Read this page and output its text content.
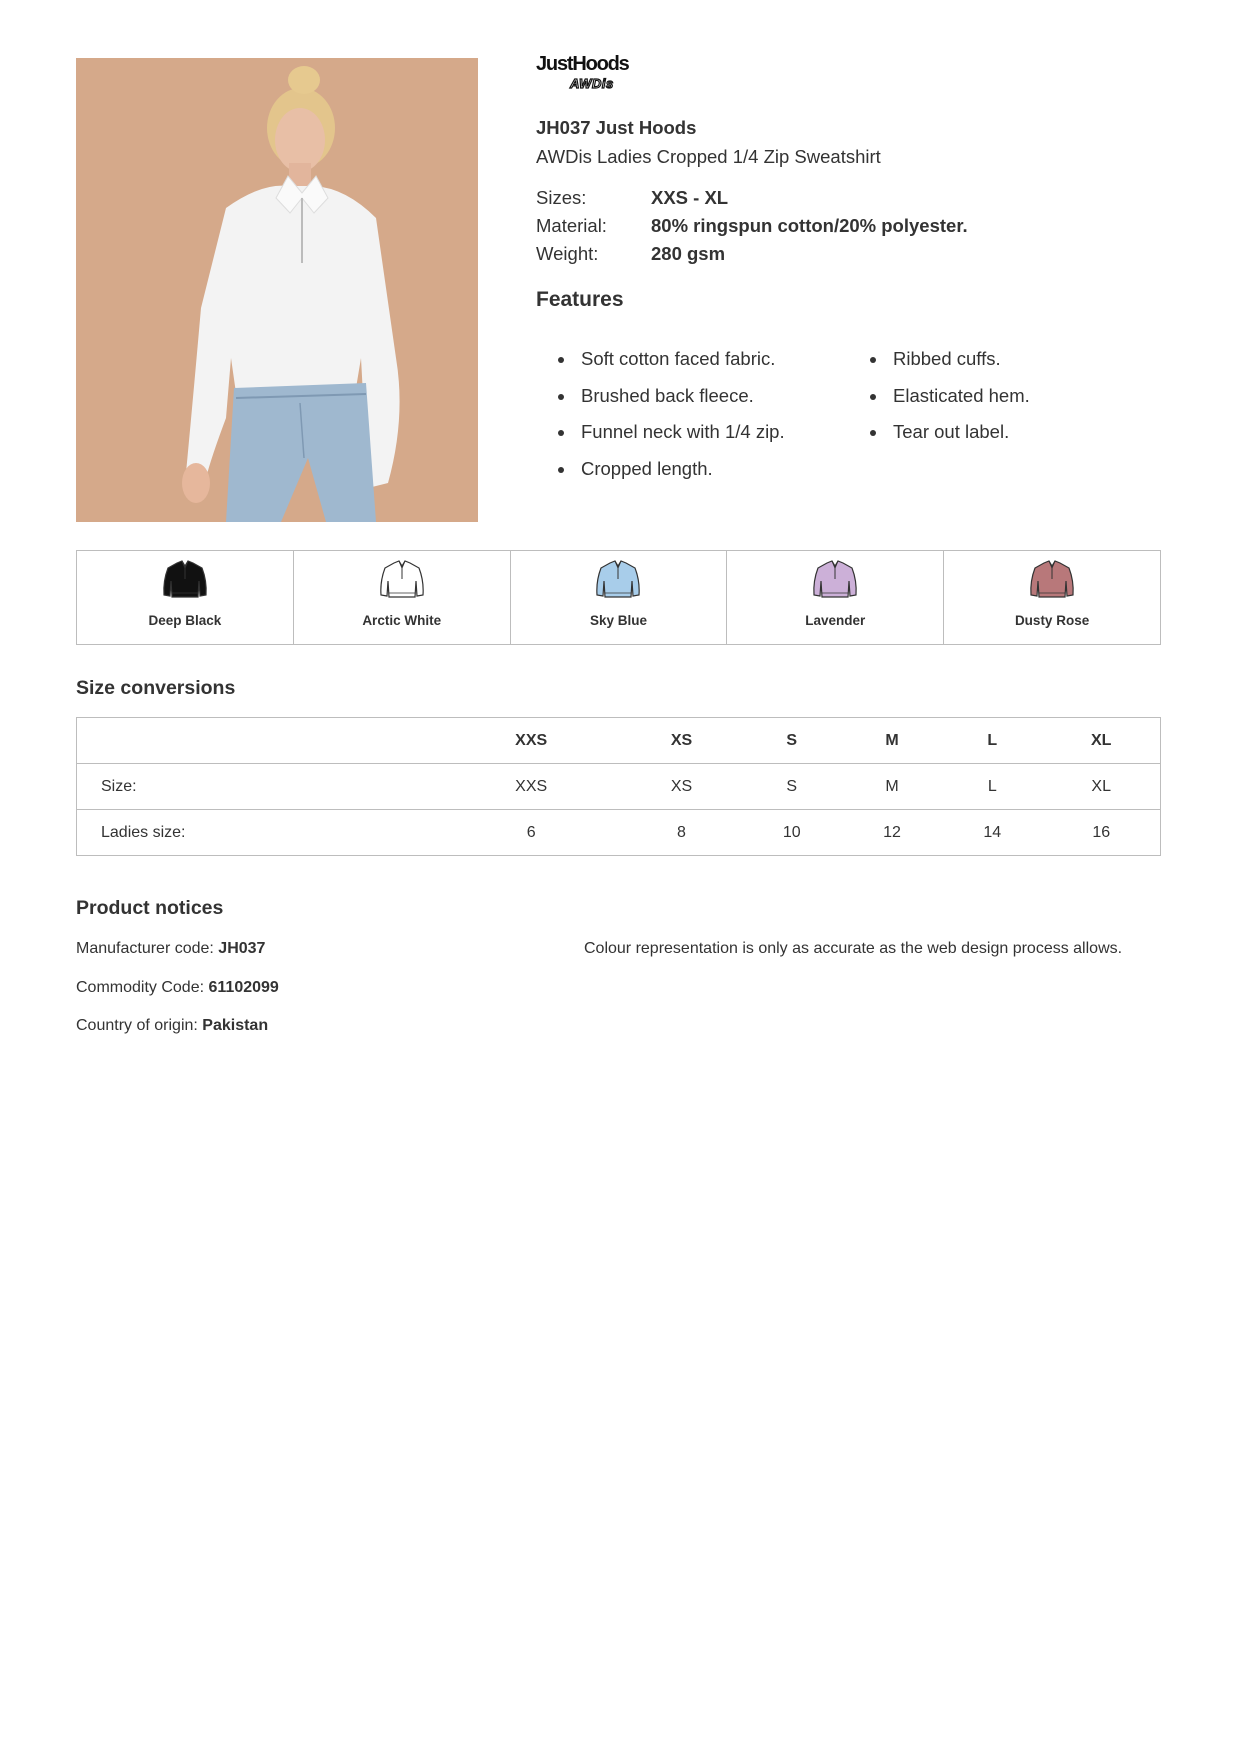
JustHoods
AWDis
JH037 Just Hoods
AWDis Ladies Cropped 1/4 Zip Sweatshirt
Sizes:	XXS - XL
Material:	80% ringspun cotton/20% polyester.
Weight:	280 gsm
Features
Soft cotton faced fabric.
Brushed back fleece.
Funnel neck with 1/4 zip.
Cropped length.
Ribbed cuffs.
Elasticated hem.
Tear out label.
Deep Black	Arctic White	Sky Blue	Lavender	Dusty Rose
Size conversions
	XXS	XS	S	M	L	XL
Size:	XXS	XS	S	M	L	XL
Ladies size:	6	8	10	12	14	16
Product notices
Manufacturer code: JH037
Commodity Code: 61102099
Country of origin: Pakistan
Colour representation is only as accurate as the web design process allows.
